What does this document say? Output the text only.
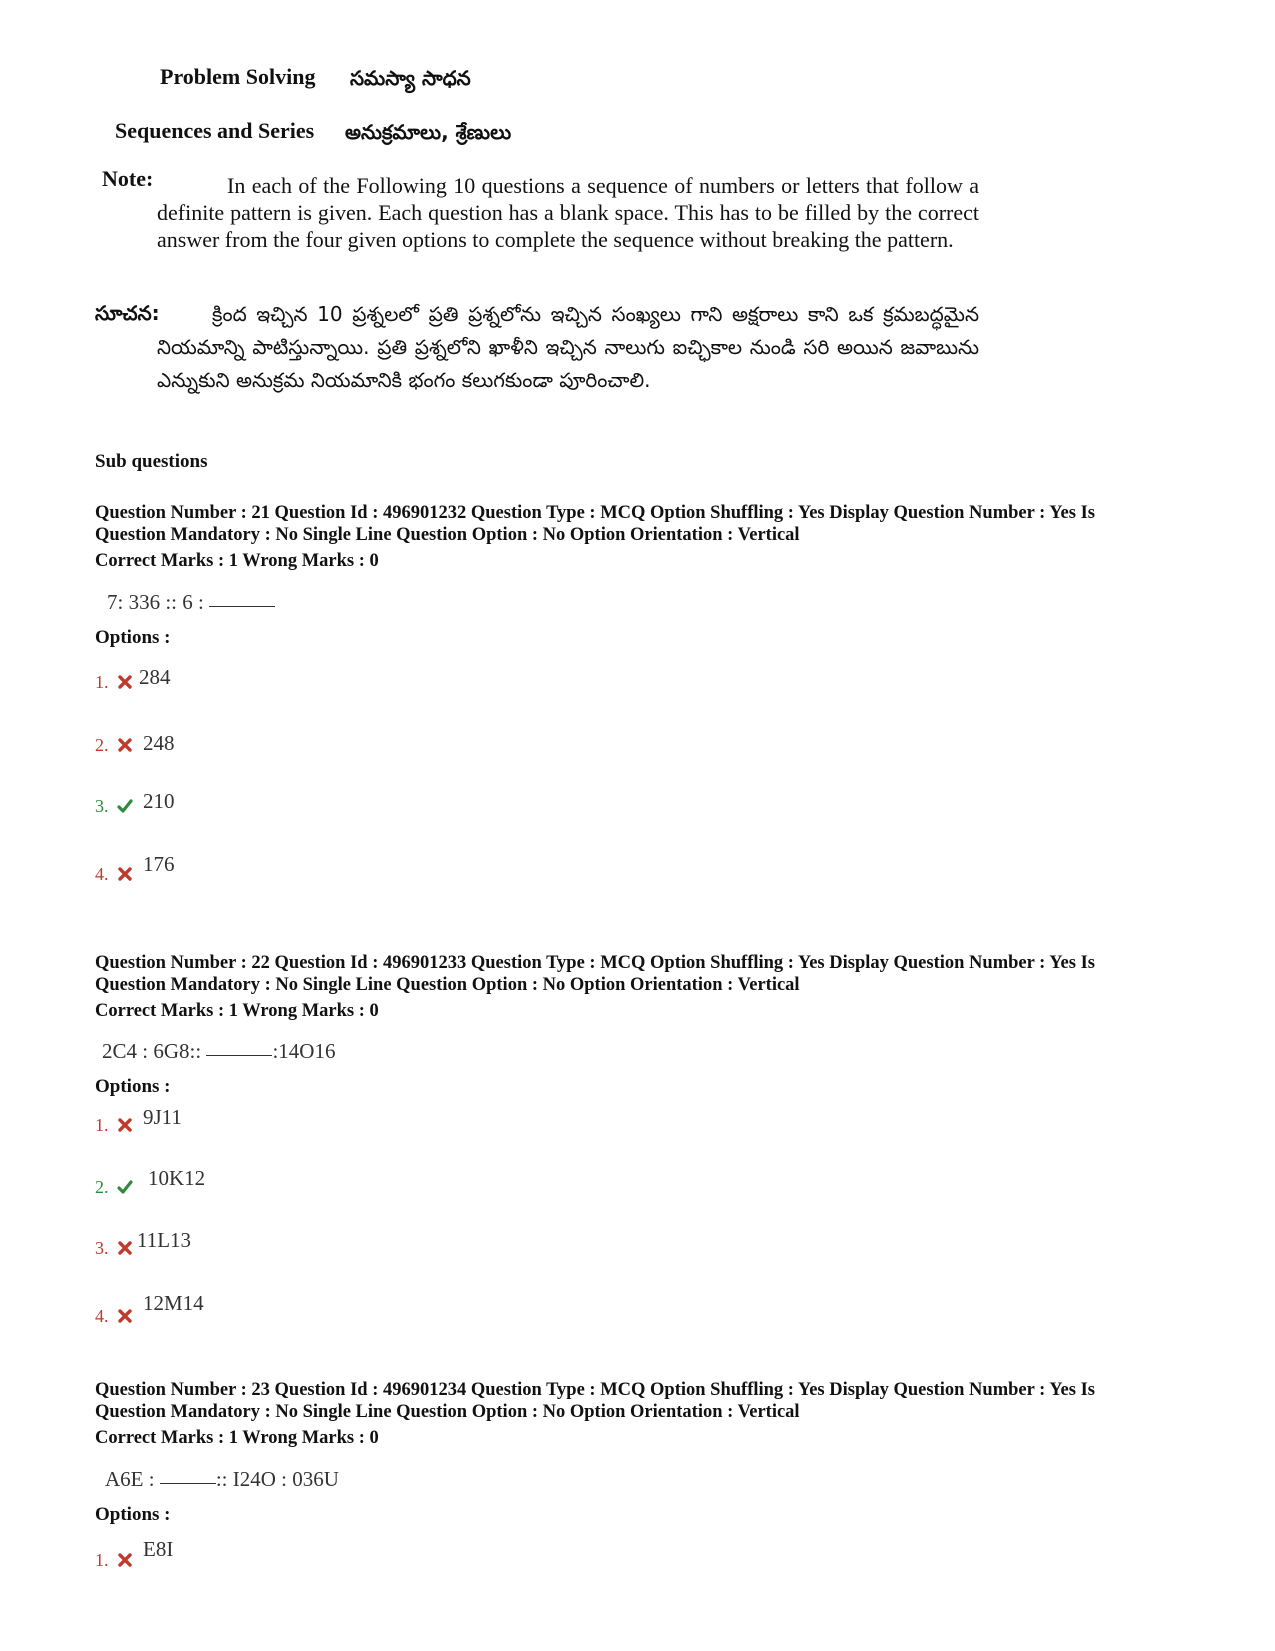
Problem Solving సమస్యా సాధన
Sequences and Series అనుక్రమాలు, శ్రేణులు
Note:	In each of the Following 10 questions a sequence of numbers or letters that follow a definite pattern is given. Each question has a blank space. This has to be filled by the correct answer from the four given options to complete the sequence without breaking the pattern.
సూచన:	క్రింద ఇచ్చిన 10 ప్రశ్నలలో ప్రతి ప్రశ్నలోను ఇచ్చిన సంఖ్యలు గాని అక్షరాలు కాని ఒక క్రమబద్ధమైన నియమాన్ని పాటిస్తున్నాయి. ప్రతి ప్రశ్నలోని ఖాళీని ఇచ్చిన నాలుగు ఐచ్ఛికాల నుండి సరి అయిన జవాబును ఎన్నుకుని అనుక్రమ నియమానికి భంగం కలుగకుండా పూరించాలి.
Sub questions
Question Number : 21 Question Id : 496901232 Question Type : MCQ Option Shuffling : Yes Display Question Number : Yes Is
Question Mandatory : No Single Line Question Option : No Option Orientation : Vertical
Correct Marks : 1 Wrong Marks : 0
7: 336 :: 6 :
Options :
1.	284
2.	248
3.	210
4.	176
Question Number : 22 Question Id : 496901233 Question Type : MCQ Option Shuffling : Yes Display Question Number : Yes Is
Question Mandatory : No Single Line Question Option : No Option Orientation : Vertical
Correct Marks : 1 Wrong Marks : 0
2C4 : 6G8::	:14O16
Options :
1.	9J11
2.	10K12
3.	11L13
4.
12M14
Question Number : 23 Question Id : 496901234 Question Type : MCQ Option Shuffling : Yes Display Question Number : Yes Is
Question Mandatory : No Single Line Question Option : No Option Orientation : Vertical
Correct Marks : 1 Wrong Marks : 0
A6E :	:: I24O : 036U
Options :
1.	E8I
